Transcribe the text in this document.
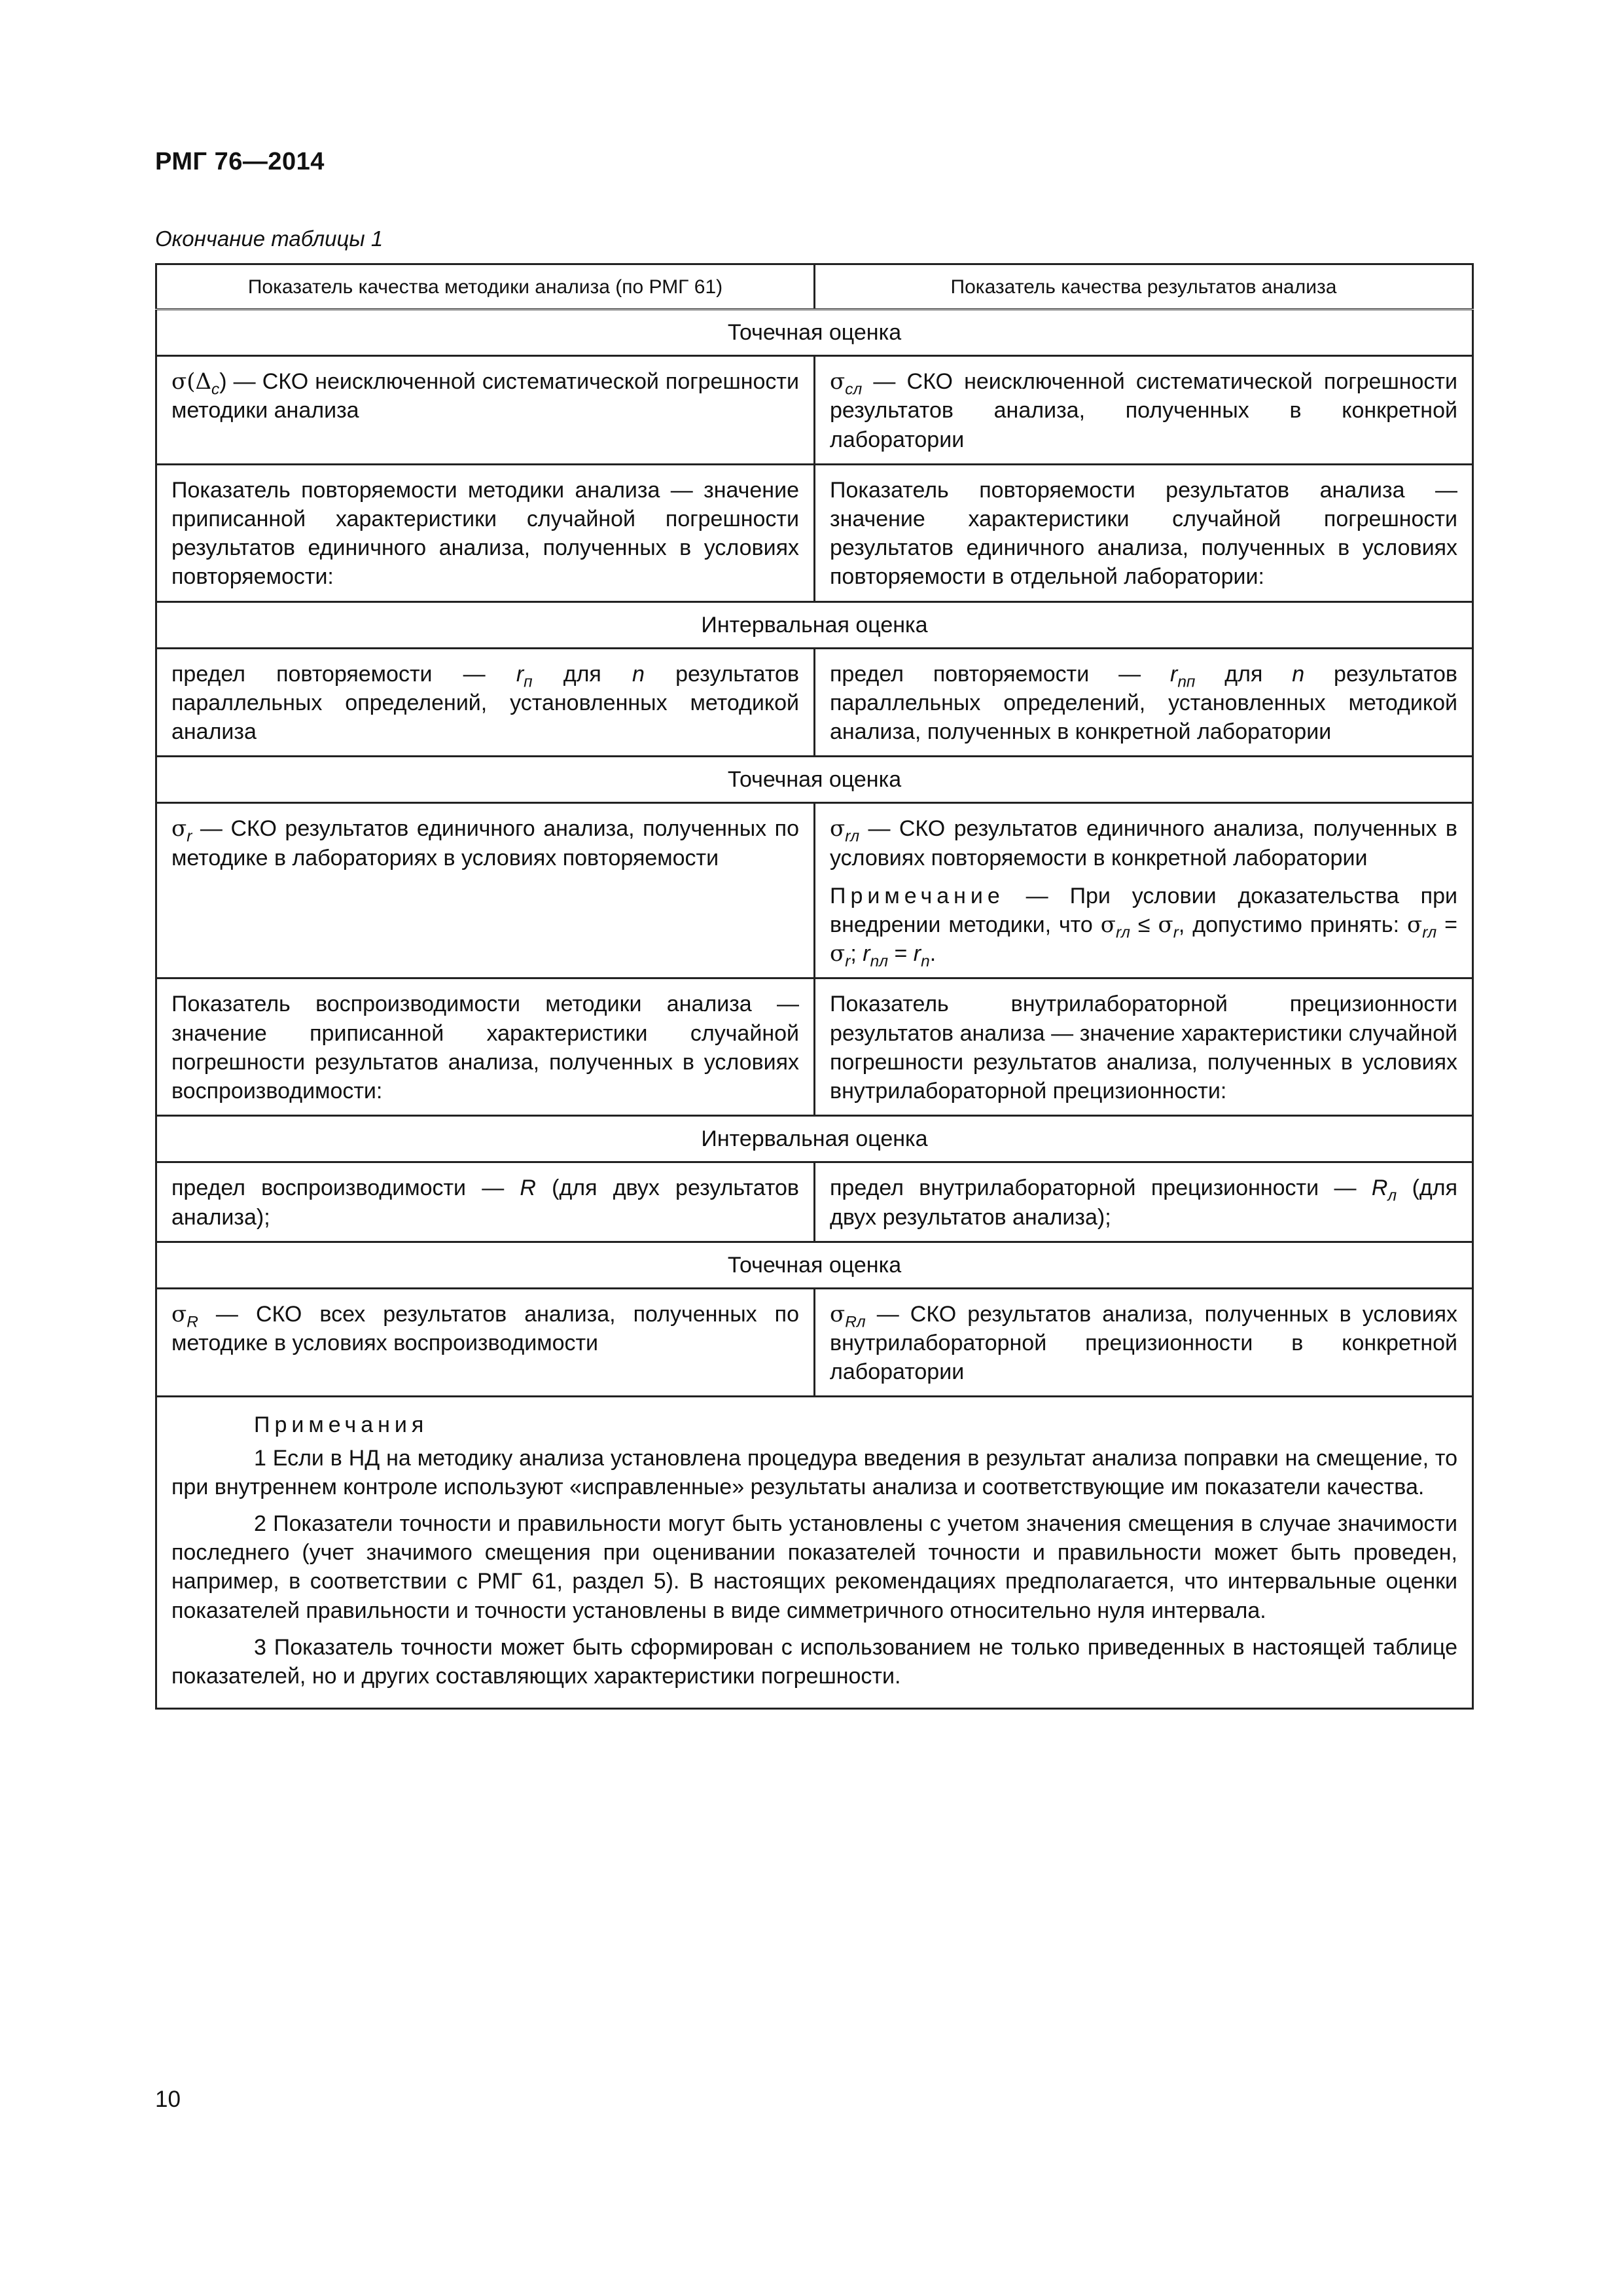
РМГ 76—2014
Окончание таблицы 1
Показатель качества методики анализа (по РМГ 61)	Показатель качества результатов анализа
Точечная оценка	
$\sigma(\Delta_c)$ — СКО неисключенной систематической погрешности методики анализа	$\sigma_{cл}$ — СКО неисключенной систематической погрешности результатов анализа, полученных в конкретной лаборатории
Показатель повторяемости методики анализа — значение приписанной характеристики случайной погрешности результатов единичного анализа, полученных в условиях повторяемости:	Показатель повторяемости результатов анализа — значение характеристики случайной погрешности результатов единичного анализа, полученных в условиях повторяемости в отдельной лаборатории:
Интервальная оценка	
предел повторяемости — $r_п$ для n результатов параллельных определений, установленных методикой анализа	предел повторяемости — $r_{nп}$ для n результатов параллельных определений, установленных методикой анализа, полученных в конкретной лаборатории
Точечная оценка	
$\sigma_r$ — СКО результатов единичного анализа, полученных по методике в лабораториях в условиях повторяемости	$\sigma_{rл}$ — СКО результатов единичного анализа, полученных в условиях повторяемости в конкретной лаборатории
Примечание — При условии доказательства при внедрении методики, что $\sigma_{rл} \le \sigma_r$, допустимо принять: $\sigma_{rл} = \sigma_r$; $r_{nл} = r_n$.

Показатель воспроизводимости методики анализа — значение приписанной характеристики случайной погрешности результатов анализа, полученных в условиях воспроизводимости:	Показатель внутрилабораторной прецизионности результатов анализа — значение характеристики случайной погрешности результатов анализа, полученных в условиях внутрилабораторной прецизионности:
Интервальная оценка	
предел воспроизводимости — R (для двух результатов анализа);	предел внутрилабораторной прецизионности — $R_л$ (для двух результатов анализа);
Точечная оценка	
$\sigma_R$ — СКО всех результатов анализа, полученных по методике в условиях воспроизводимости	$\sigma_{Rл}$ — СКО результатов анализа, полученных в условиях внутрилабораторной прецизионности в конкретной лаборатории

Примечания

1 Если в НД на методику анализа установлена процедура введения в результат анализа поправки на смещение, то при внутреннем контроле используют «исправленные» результаты анализа и соответствующие им показатели качества.

2 Показатели точности и правильности могут быть установлены с учетом значения смещения в случае значимости последнего (учет значимого смещения при оценивании показателей точности и правильности может быть проведен, например, в соответствии с РМГ 61, раздел 5). В настоящих рекомендациях предполагается, что интервальные оценки показателей правильности и точности установлены в виде симметричного относительно нуля интервала.

3 Показатель точности может быть сформирован с использованием не только приведенных в настоящей таблице показателей, но и других составляющих характеристики погрешности.	

10
